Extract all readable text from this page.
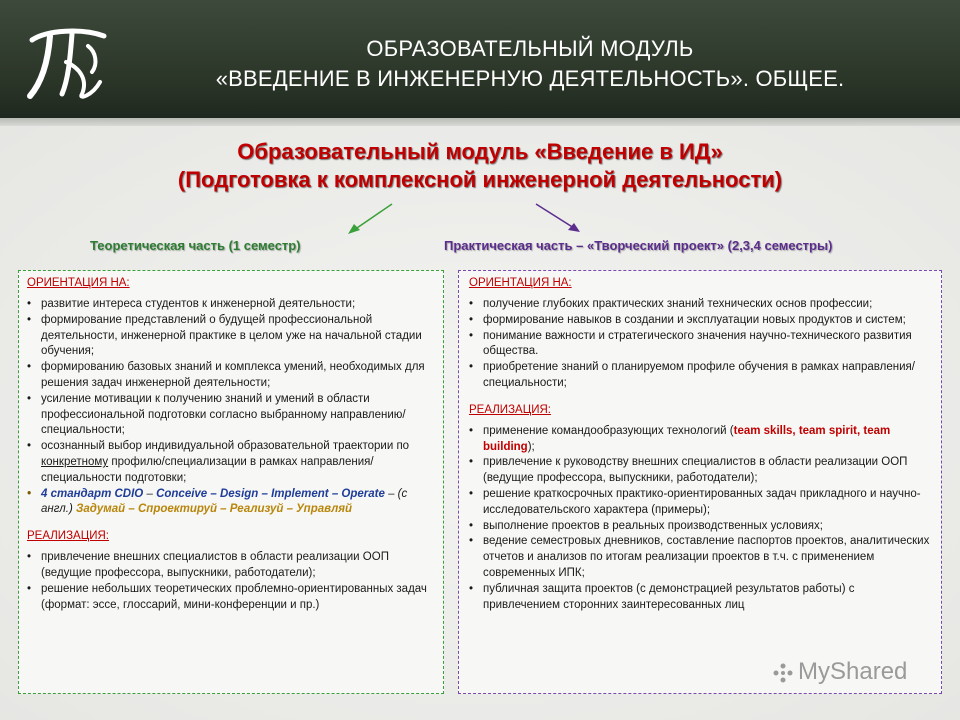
ОБРАЗОВАТЕЛЬНЫЙ МОДУЛЬ
«ВВЕДЕНИЕ В ИНЖЕНЕРНУЮ ДЕЯТЕЛЬНОСТЬ». ОБЩЕЕ.
Образовательный модуль «Введение в ИД»
(Подготовка к комплексной инженерной деятельности)
Теоретическая часть (1 семестр)	Практическая часть – «Творческий проект» (2,3,4 семестры)
ОРИЕНТАЦИЯ НА:
• развитие интереса студентов к инженерной деятельности;
• формирование представлений о будущей профессиональной деятельности, инженерной практике в целом уже на начальной стадии обучения;
• формированию базовых знаний и комплекса умений, необходимых для решения задач инженерной деятельности;
• усиление мотивации к получению знаний и умений в области профессиональной подготовки согласно выбранному направлению/специальности;
• осознанный выбор индивидуальной образовательной траектории по конкретному профилю/специализации в рамках направления/специальности подготовки;
• 4 стандарт CDIO – Conceive – Design – Implement – Operate – (с англ.) Задумай – Спроектируй – Реализуй – Управляй
РЕАЛИЗАЦИЯ:
• привлечение внешних специалистов в области реализации ООП (ведущие профессора, выпускники, работодатели);
• решение небольших теоретических проблемно-ориентированных задач (формат: эссе, глоссарий, мини-конференции и пр.)
ОРИЕНТАЦИЯ НА:
• получение глубоких практических знаний технических основ профессии;
• формирование навыков в создании и эксплуатации новых продуктов и систем;
• понимание важности и стратегического значения научно-технического развития общества.
• приобретение знаний о планируемом профиле обучения в рамках направления/специальности;
РЕАЛИЗАЦИЯ:
• применение командообразующих технологий (team skills, team spirit, team building);
• привлечение к руководству внешних специалистов в области реализации ООП (ведущие профессора, выпускники, работодатели);
• решение краткосрочных практико-ориентированных задач прикладного и научно-исследовательского характера (примеры);
• выполнение проектов в реальных производственных условиях;
• ведение семестровых дневников, составление паспортов проектов, аналитических отчетов и анализов по итогам реализации проектов в т.ч. с применением современных ИПК;
• публичная защита проектов (с демонстрацией результатов работы) с привлечением сторонних заинтересованных лиц
MyShared
